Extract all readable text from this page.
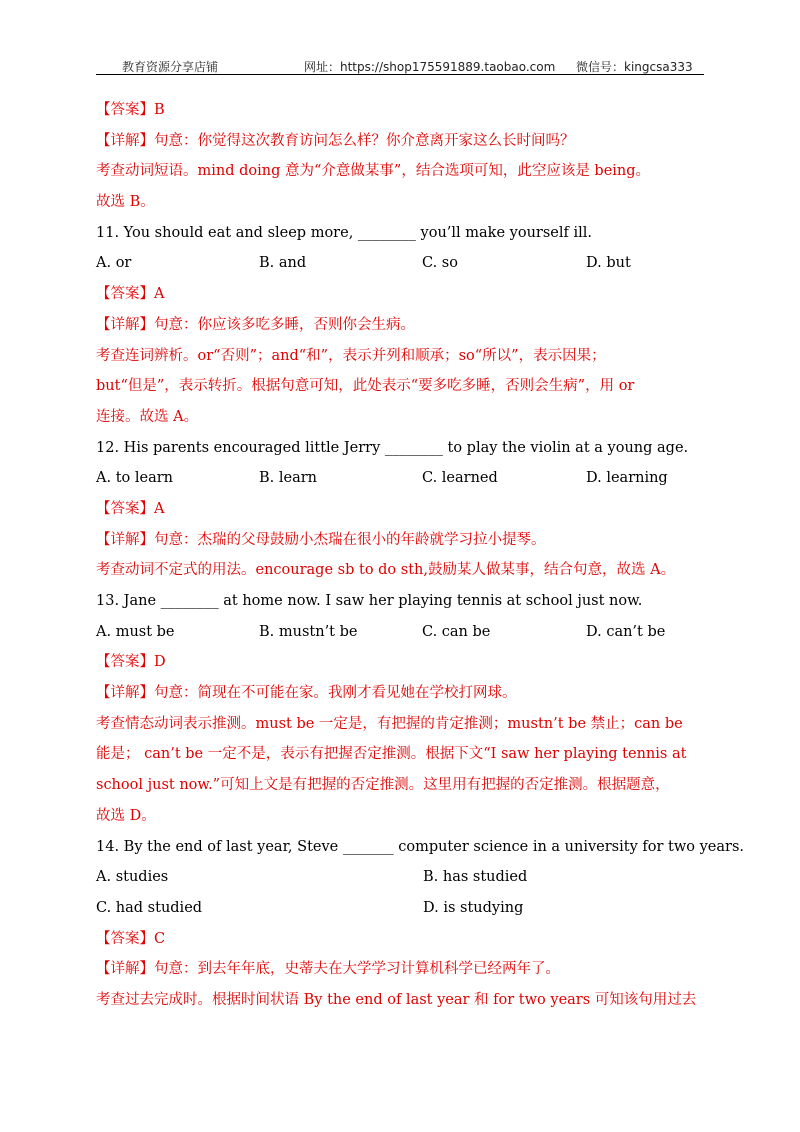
教育资源分享店铺	网址：https://shop175591889.taobao.com 微信号：kingcsa333
【答案】B
【详解】句意：你觉得这次教育访问怎么样？你介意离开家这么长时间吗？
考查动词短语。mind doing 意为“介意做某事”，结合选项可知，此空应该是 being。
故选 B。
11. You should eat and sleep more, ________ you’ll make yourself ill.
A. or	B. and	C. so	D. but
【答案】A
【详解】句意：你应该多吃多睡，否则你会生病。
考查连词辨析。or“否则”；and“和”，表示并列和顺承；so“所以”，表示因果；
but“但是”，表示转折。根据句意可知，此处表示“要多吃多睡，否则会生病”，用 or
连接。故选 A。
12. His parents encouraged little Jerry ________ to play the violin at a young age.
A. to learn	B. learn	C. learned	D. learning
【答案】A
【详解】句意：杰瑞的父母鼓励小杰瑞在很小的年龄就学习拉小提琴。
考查动词不定式的用法。encourage sb to do sth,鼓励某人做某事，结合句意，故选 A。
13. Jane ________ at home now. I saw her playing tennis at school just now.
A. must be	B. mustn’t be	C. can be	D. can’t be
【答案】D
【详解】句意：简现在不可能在家。我刚才看见她在学校打网球。
考查情态动词表示推测。must be 一定是，有把握的肯定推测；mustn’t be 禁止；can be
能是； can’t be 一定不是，表示有把握否定推测。根据下文“I saw her playing tennis at
school just now.”可知上文是有把握的否定推测。这里用有把握的否定推测。根据题意，
故选 D。
14. By the end of last year, Steve _______ computer science in a university for two years.
A. studies	B. has studied
C. had studied	D. is studying
【答案】C
【详解】句意：到去年年底，史蒂夫在大学学习计算机科学已经两年了。
考查过去完成时。根据时间状语 By the end of last year 和 for two years 可知该句用过去
